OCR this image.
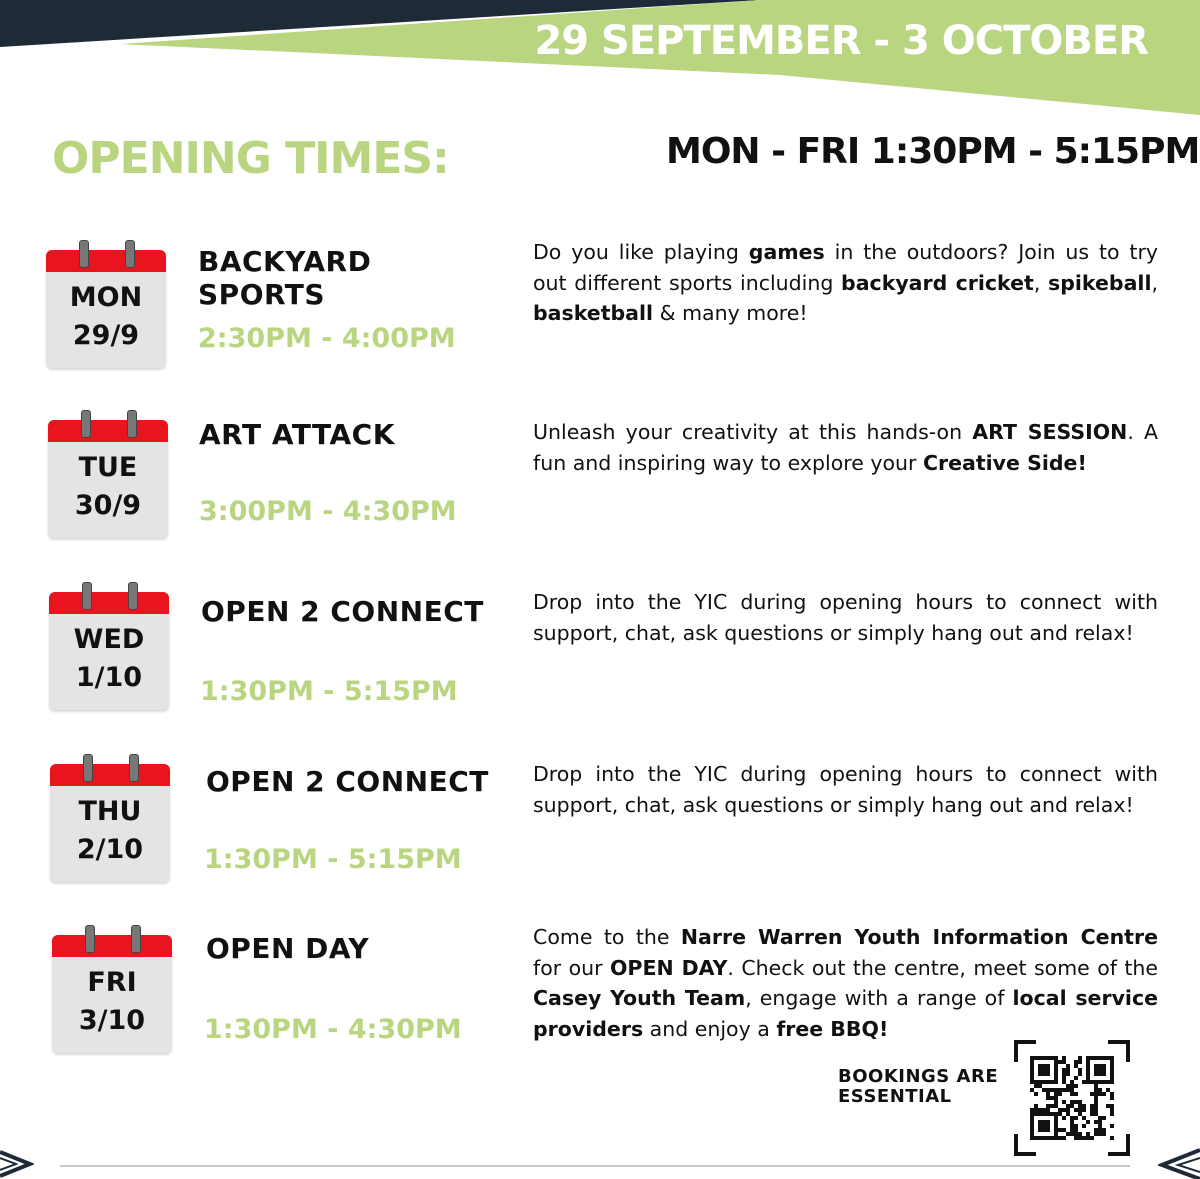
29 SEPTEMBER - 3 OCTOBER
OPENING TIMES:	MON - FRI 1:30PM - 5:15PM
MON
29/9
BACKYARD SPORTS
2:30PM - 4:00PM
Do you like playing games in the outdoors? Join us to try out different sports including backyard cricket, spikeball, basketball & many more!
TUE
30/9
ART ATTACK
3:00PM - 4:30PM
Unleash your creativity at this hands-on ART SESSION. A fun and inspiring way to explore your Creative Side!
WED
1/10
OPEN 2 CONNECT
1:30PM - 5:15PM
Drop into the YIC during opening hours to connect with support, chat, ask questions or simply hang out and relax!
THU
2/10
OPEN 2 CONNECT
1:30PM - 5:15PM
Drop into the YIC during opening hours to connect with support, chat, ask questions or simply hang out and relax!
FRI
3/10
OPEN DAY
1:30PM - 4:30PM
Come to the Narre Warren Youth Information Centre for our OPEN DAY. Check out the centre, meet some of the Casey Youth Team, engage with a range of local service providers and enjoy a free BBQ!
BOOKINGS ARE
ESSENTIAL
